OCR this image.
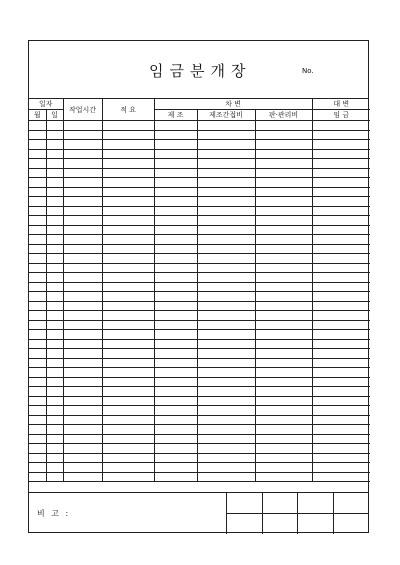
임금분개장	No.
일자		작업시간	적 요	차 변			대 변
월	일			제 조	제조간접비	판·관리비	임 금

비 고 :
